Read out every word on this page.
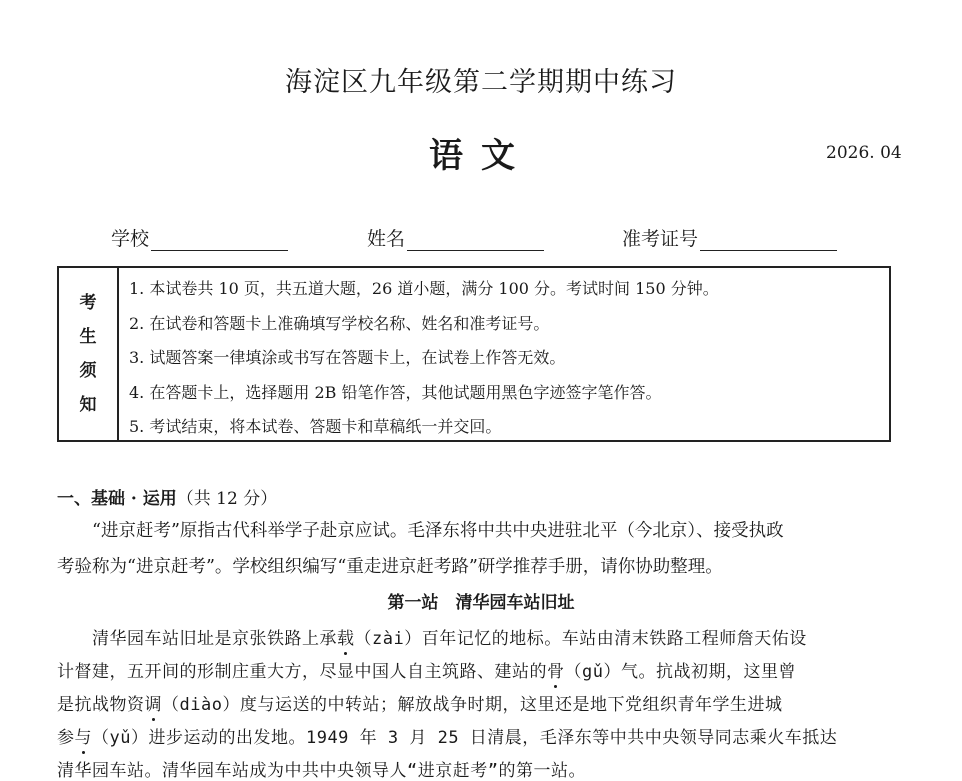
海淀区九年级第二学期期中练习
语文	2026. 04
学校	姓名	准考证号
考
生
须
知
1. 本试卷共 10 页，共五道大题，26 道小题，满分 100 分。考试时间 150 分钟。
2. 在试卷和答题卡上准确填写学校名称、姓名和准考证号。
3. 试题答案一律填涂或书写在答题卡上，在试卷上作答无效。
4. 在答题卡上，选择题用 2B 铅笔作答，其他试题用黑色字迹签字笔作答。
5. 考试结束，将本试卷、答题卡和草稿纸一并交回。
一、基础 · 运用（共 12 分）
“进京赶考”原指古代科举学子赴京应试。毛泽东将中共中央进驻北平（今北京）、接受执政
考验称为“进京赶考”。学校组织编写“重走进京赶考路”研学推荐手册，请你协助整理。
第一站　清华园车站旧址
清华园车站旧址是京张铁路上承载（zài）百年记忆的地标。车站由清末铁路工程师詹天佑设
计督建，五开间的形制庄重大方，尽显中国人自主筑路、建站的骨（gǔ）气。抗战初期，这里曾
是抗战物资调（diào）度与运送的中转站；解放战争时期，这里还是地下党组织青年学生进城
参与（yǔ）进步运动的出发地。1949 年 3 月 25 日清晨，毛泽东等中共中央领导同志乘火车抵达
清华园车站。清华园车站成为中共中央领导人“进京赶考”的第一站。
